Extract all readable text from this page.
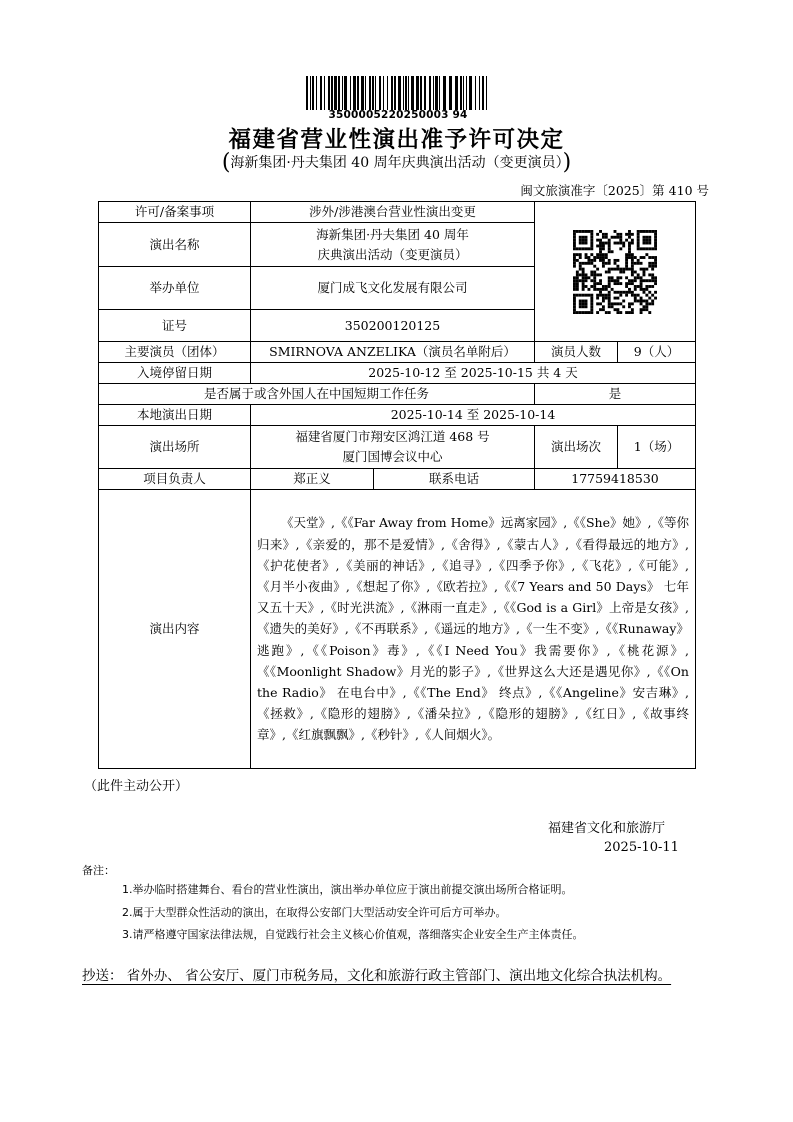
3500005220250003 94
福建省营业性演出准予许可决定
(海新集团·丹夫集团 40 周年庆典演出活动（变更演员）)
闽文旅演准字〔2025〕第 410 号
许可/备案事项	涉外/涉港澳台营业性演出变更	

演出名称	海新集团·丹夫集团 40 周年
庆典演出活动（变更演员）			

举办单位	厦门成飞文化发展有限公司			
证号	350200120125			
主要演员（团体）	SMIRNOVA ANZELIKA（演员名单附后）		演员人数	9（人）
入境停留日期	2025-10-12 至 2025-10-15 共 4 天			
是否属于或含外国人在中国短期工作任务			是	
本地演出日期	2025-10-14 至 2025-10-14			
演出场所	福建省厦门市翔安区鸿江道 468 号
厦门国博会议中心		演出场次	1（场）
项目负责人	郑正义	联系电话	17759418530	
演出内容	《天堂》,《《Far Away from Home》远离家园》,《《She》她》,《等你归来》,《亲爱的，那不是爱情》,《舍得》,《蒙古人》,《看得最远的地方》,《护花使者》,《美丽的神话》,《追寻》,《四季予你》,《飞花》,《可能》,《月半小夜曲》,《想起了你》,《欧若拉》,《《7 Years and 50 Days》 七年又五十天》,《时光洪流》,《淋雨一直走》,《《God is a Girl》上帝是女孩》,《遗失的美好》,《不再联系》,《遥远的地方》,《一生不变》,《《Runaway》逃跑》,《《Poison》毒》,《《I Need You》我需要你》,《桃花源》,《《Moonlight Shadow》月光的影子》,《世界这么大还是遇见你》,《《On the Radio》 在电台中》,《《The End》 终点》,《《Angeline》安吉琳》,《拯救》,《隐形的翅膀》,《潘朵拉》,《隐形的翅膀》,《红日》,《故事终章》,《红旗飘飘》,《秒针》,《人间烟火》。			
（此件主动公开）
福建省文化和旅游厅
2025-10-11
备注：
1.举办临时搭建舞台、看台的营业性演出，演出举办单位应于演出前提交演出场所合格证明。
2.属于大型群众性活动的演出，在取得公安部门大型活动安全许可后方可举办。
3.请严格遵守国家法律法规，自觉践行社会主义核心价值观，落细落实企业安全生产主体责任。
抄送： 省外办、 省公安厅、厦门市税务局，文化和旅游行政主管部门、演出地文化综合执法机构。
